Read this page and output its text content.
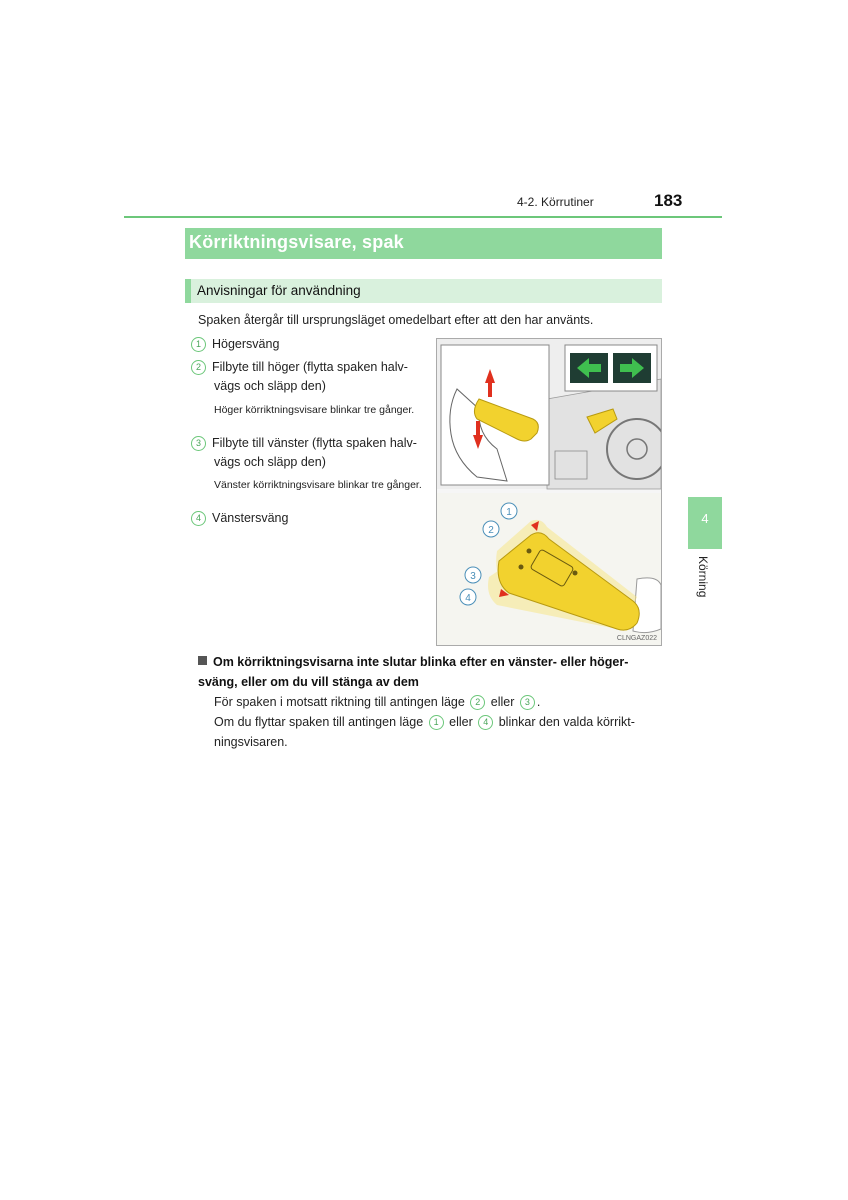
4-2. Körrutiner	183
Körriktningsvisare, spak
Anvisningar för användning
Spaken återgår till ursprungsläget omedelbart efter att den har använts.
1 Högersväng
2 Filbyte till höger (flytta spaken halv-
vägs och släpp den)
Höger körriktningsvisare blinkar tre gånger.
3 Filbyte till vänster (flytta spaken halv-
vägs och släpp den)
Vänster körriktningsvisare blinkar tre gånger.
4 Vänstersväng	1
2
3
4
CLNGAZ022
4
Körning
Om körriktningsvisarna inte slutar blinka efter en vänster- eller höger-sväng, eller om du vill stänga av dem
För spaken i motsatt riktning till antingen läge 2 eller 3 .
Om du flyttar spaken till antingen läge 1 eller 4 blinkar den valda körrikt-ningsvisaren.
